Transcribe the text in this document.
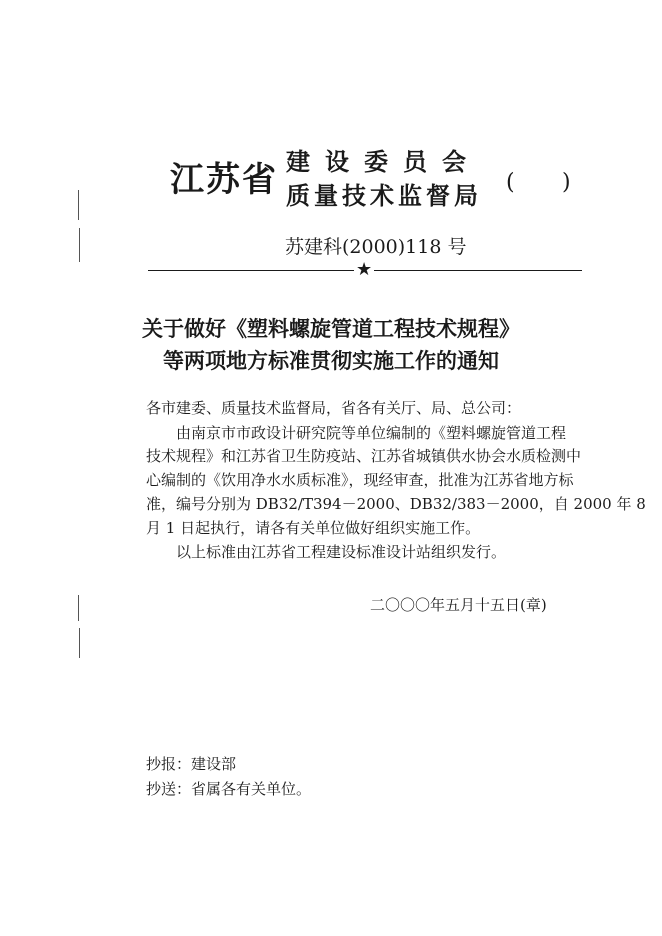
江苏省 建设委员会
质量技术监督局 ( )
苏建科(2000)118 号
★
关于做好《塑料螺旋管道工程技术规程》
等两项地方标准贯彻实施工作的通知
各市建委、质量技术监督局，省各有关厅、局、总公司：
由南京市市政设计研究院等单位编制的《塑料螺旋管道工程
技术规程》和江苏省卫生防疫站、江苏省城镇供水协会水质检测中
心编制的《饮用净水水质标准》，现经审查，批准为江苏省地方标
准，编号分别为 DB32/T394－2000、DB32/383－2000，自 2000 年 8
月 1 日起执行，请各有关单位做好组织实施工作。
以上标准由江苏省工程建设标准设计站组织发行。
二〇〇〇年五月十五日(章)
抄报：建设部
抄送：省属各有关单位。
